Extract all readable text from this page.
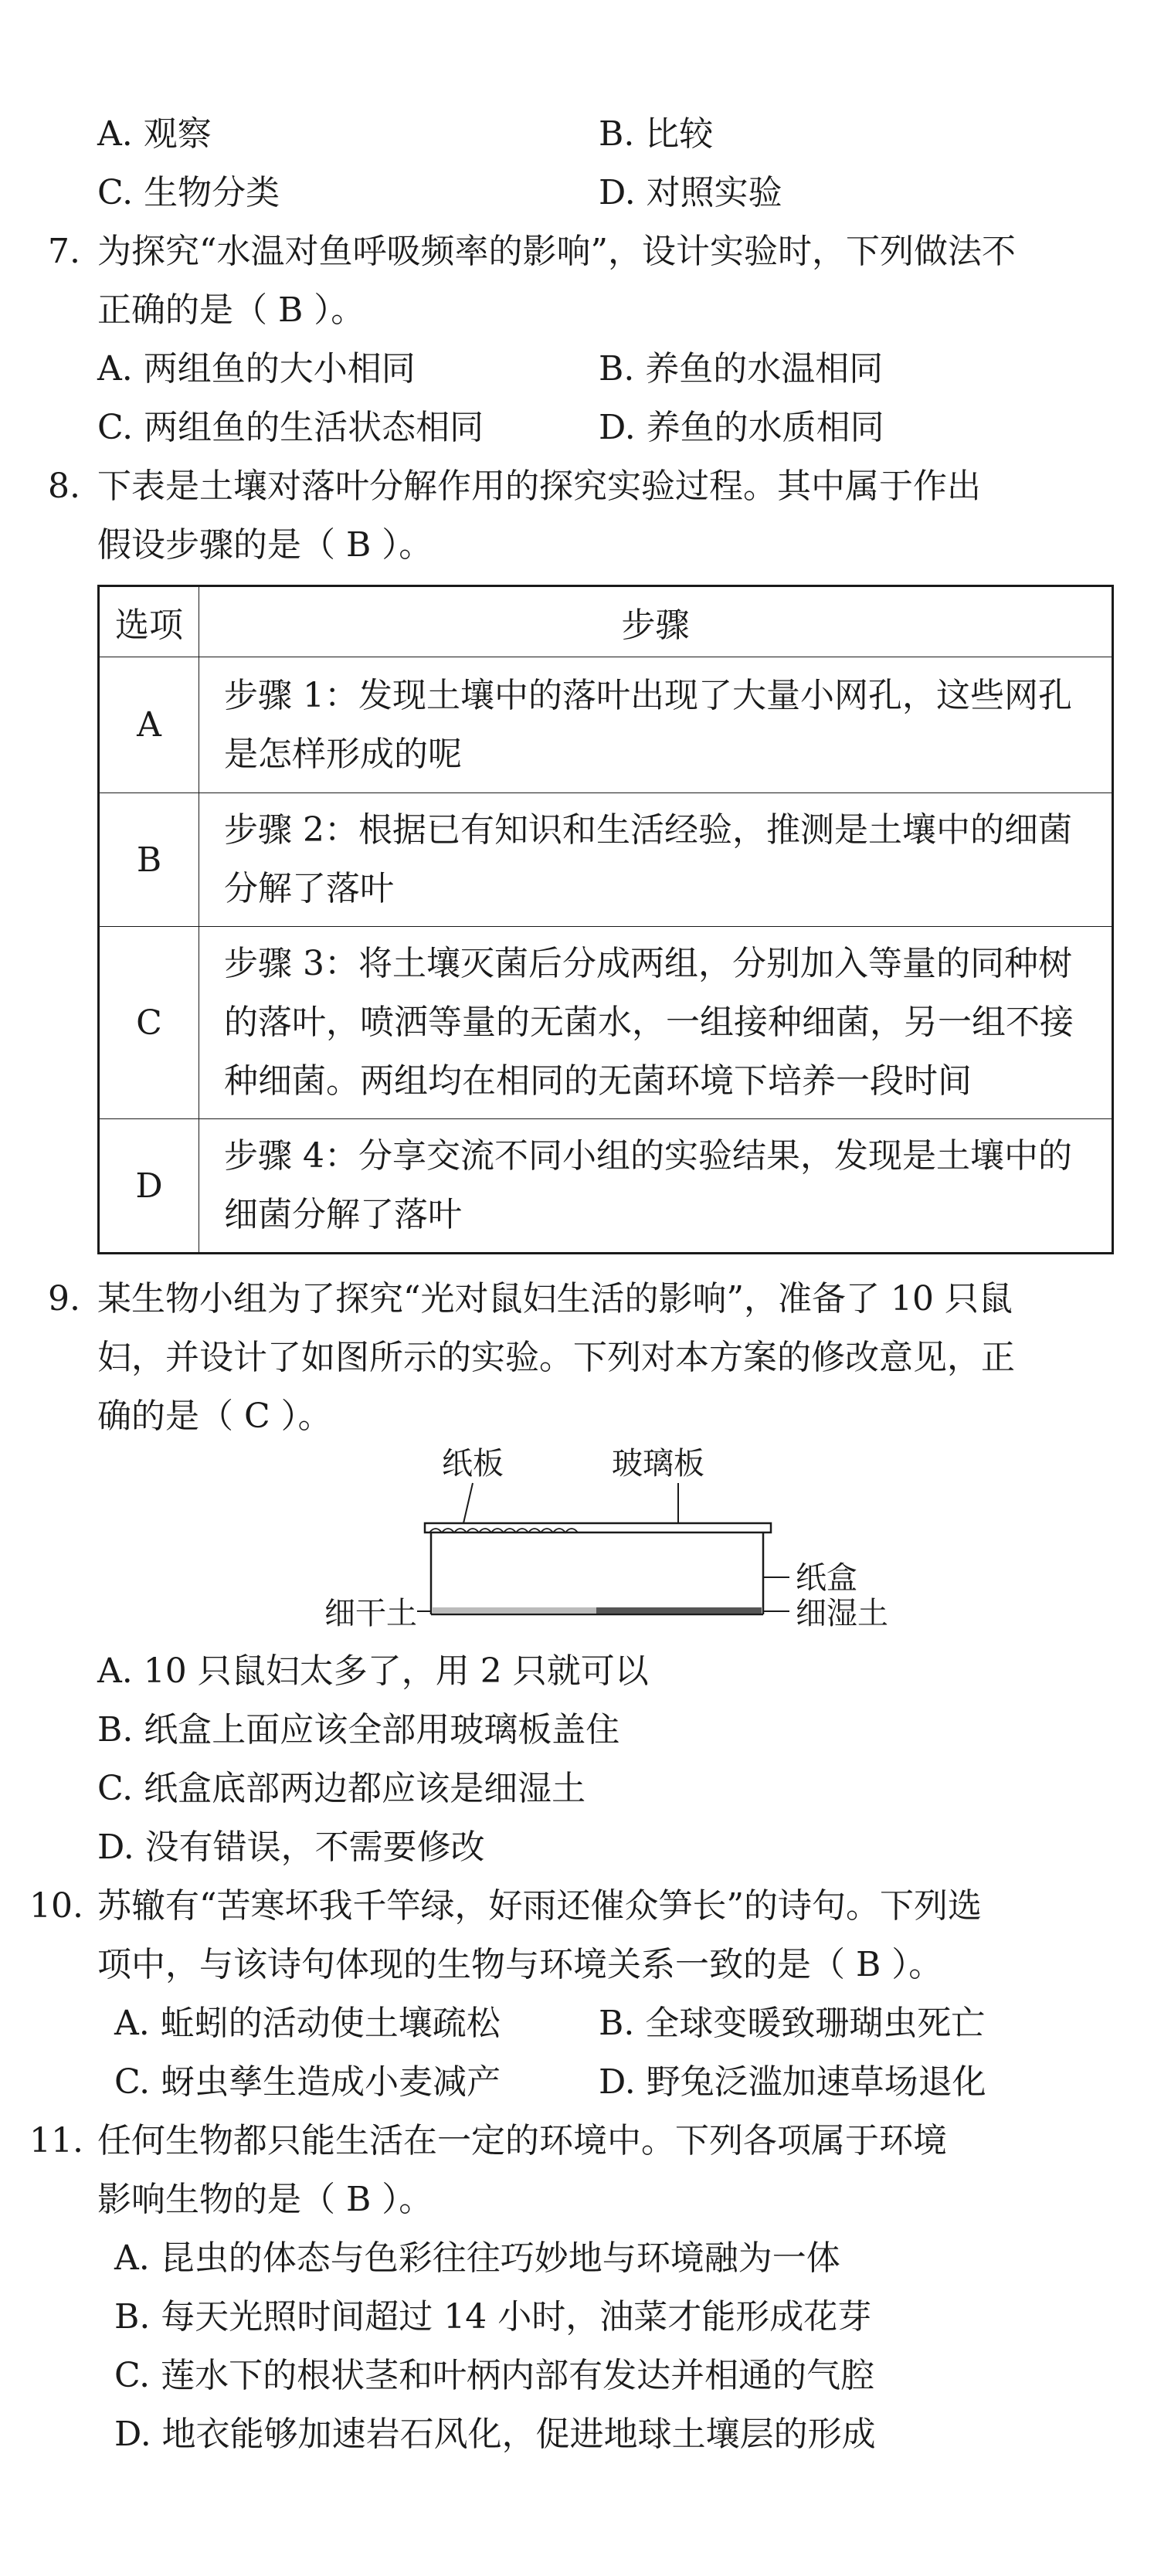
A. 观察	B. 比较
C. 生物分类	D. 对照实验
7. 为探究“水温对鱼呼吸频率的影响”，设计实验时，下列做法不
正确的是（ B ）。
A. 两组鱼的大小相同	B. 养鱼的水温相同
C. 两组鱼的生活状态相同	D. 养鱼的水质相同
8. 下表是土壤对落叶分解作用的探究实验过程。其中属于作出
假设步骤的是（ B ）。
选项	步骤
A	步骤 1：发现土壤中的落叶出现了大量小网孔，这些网孔是怎样形成的呢
B	步骤 2：根据已有知识和生活经验，推测是土壤中的细菌分解了落叶
C	步骤 3：将土壤灭菌后分成两组，分别加入等量的同种树的落叶，喷洒等量的无菌水，一组接种细菌，另一组不接种细菌。两组均在相同的无菌环境下培养一段时间
D	步骤 4：分享交流不同小组的实验结果，发现是土壤中的细菌分解了落叶
9. 某生物小组为了探究“光对鼠妇生活的影响”，准备了 10 只鼠
妇，并设计了如图所示的实验。下列对本方案的修改意见，正
确的是（ C ）。
纸板	玻璃板
纸盒
细湿土
细干土
A. 10 只鼠妇太多了，用 2 只就可以
B. 纸盒上面应该全部用玻璃板盖住
C. 纸盒底部两边都应该是细湿土
D. 没有错误，不需要修改
10. 苏辙有“苦寒坏我千竿绿，好雨还催众笋长”的诗句。下列选
项中，与该诗句体现的生物与环境关系一致的是（ B ）。
A. 蚯蚓的活动使土壤疏松	B. 全球变暖致珊瑚虫死亡
C. 蚜虫孳生造成小麦减产	D. 野兔泛滥加速草场退化
11. 任何生物都只能生活在一定的环境中。下列各项属于环境
影响生物的是（ B ）。
A. 昆虫的体态与色彩往往巧妙地与环境融为一体
B. 每天光照时间超过 14 小时，油菜才能形成花芽
C. 莲水下的根状茎和叶柄内部有发达并相通的气腔
D. 地衣能够加速岩石风化，促进地球土壤层的形成
